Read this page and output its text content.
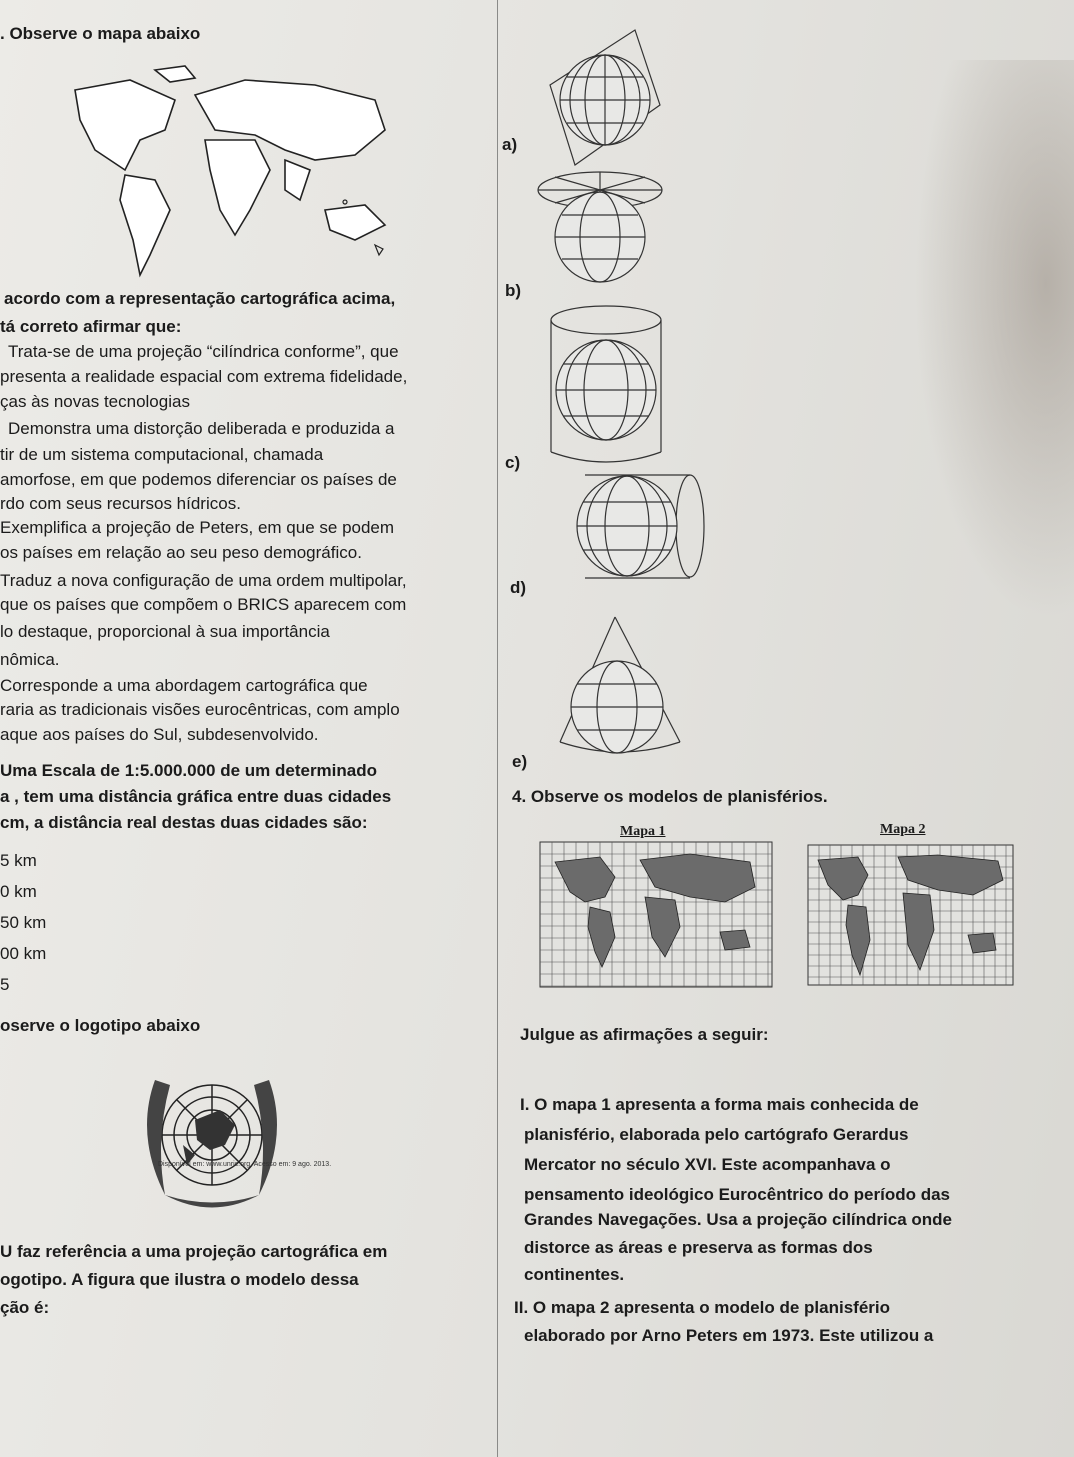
. Observe o mapa abaixo
acordo com a representação cartográfica acima,
tá correto afirmar que:
Trata-se de uma projeção “cilíndrica conforme”, que
presenta a realidade espacial com extrema fidelidade,
ças às novas tecnologias
Demonstra uma distorção deliberada e produzida a
tir de um sistema computacional, chamada
amorfose, em que podemos diferenciar os países de
rdo com seus recursos hídricos.
Exemplifica a projeção de Peters, em que se podem
os países em relação ao seu peso demográfico.
Traduz a nova configuração de uma ordem multipolar,
que os países que compõem o BRICS aparecem com
lo destaque, proporcional à sua importância
nômica.
Corresponde a uma abordagem cartográfica que
raria as tradicionais visões eurocêntricas, com amplo
aque aos países do Sul, subdesenvolvido.
Uma Escala de 1:5.000.000 de um determinado
a , tem uma distância gráfica entre duas cidades
cm, a distância real destas duas cidades são:
5 km
0 km
50 km
00 km
5
oserve o logotipo abaixo
Disponível em: www.unric.org. Acesso em: 9 ago. 2013.
U faz referência a uma projeção cartográfica em
ogotipo. A figura que ilustra o modelo dessa
ção é:
a)
b)
c)
d)
e)
4. Observe os modelos de planisférios.
Mapa 1	Mapa 2
Julgue as afirmações a seguir:
I. O mapa 1 apresenta a forma mais conhecida de
planisfério, elaborada pelo cartógrafo Gerardus
Mercator no século XVI. Este acompanhava o
pensamento ideológico Eurocêntrico do período das
Grandes Navegações. Usa a projeção cilíndrica onde
distorce as áreas e preserva as formas dos
continentes.
II. O mapa 2 apresenta o modelo de planisfério
elaborado por Arno Peters em 1973. Este utilizou a
